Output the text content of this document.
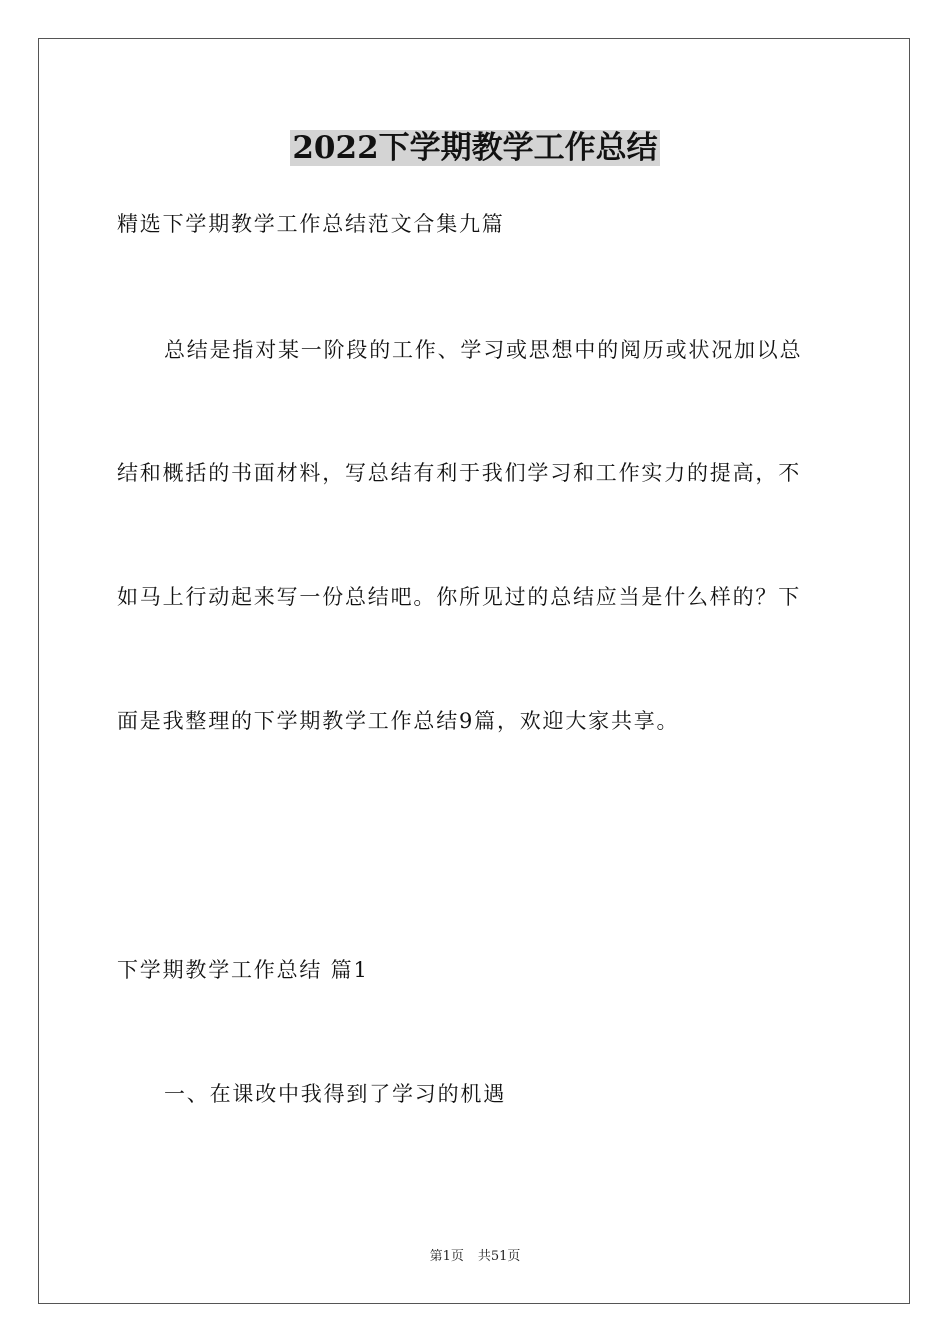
2022下学期教学工作总结
精选下学期教学工作总结范文合集九篇
总结是指对某一阶段的工作、学习或思想中的阅历或状况加以总
结和概括的书面材料，写总结有利于我们学习和工作实力的提高，不
如马上行动起来写一份总结吧。你所见过的总结应当是什么样的？下
面是我整理的下学期教学工作总结9篇，欢迎大家共享。
下学期教学工作总结 篇1
一、在课改中我得到了学习的机遇
第1页 共51页
